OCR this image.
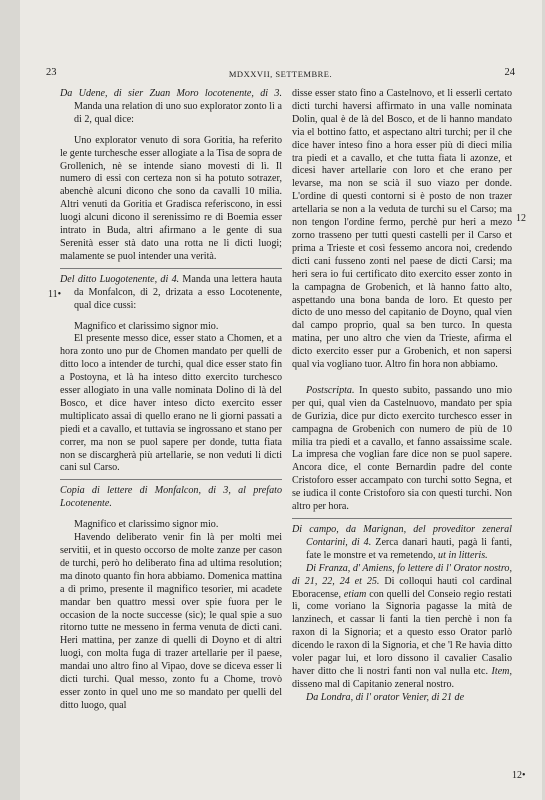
23	MDXXVII, SETTEMBRE.	24
11•
12
12•

Da Udene, di sier Zuan Moro locotenente, di 3. Manda una relation di uno suo explorator zonto lì a di 2, qual dice:

Uno explorator venuto di sora Goritia, ha referito le gente turchesche esser allogiate a la Tisa de sopra de Grollenich, nè se intende siano movesti di lì. Il numero di essi con certeza non si ha potuto sotrazer, abenchè alcuni dicono che sono da cavalli 10 milia. Altri venuti da Goritia et Gradisca referiscono, in essi luogi alcuni dicono il serenissimo re di Boemia esser intrato in Buda, altri afirmano a le gente di sua Serenità esser stà dato una rotta ne li dicti luogi; malamente se puol intender una verità.

Del ditto Luogotenente, di 4. Manda una lettera hauta da Monfalcon, di 2, drizata a esso Locotenente, qual dice cussì:

Magnifico et clarissimo signor mio.

El presente messo dice, esser stato a Chomen, et a hora zonto uno pur de Chomen mandato per quelli de ditto loco a intender de turchi, qual dice esser stato fin a Postoyna, et là ha inteso ditto exercito turchesco esser allogiato in una valle nominata Dolino di là del Bosco, et dice haver inteso dicto exercito esser multiplicato assai di quello erano ne li giorni passati a piedi et a cavallo, et tuttavia se ingrossano et stano per correr, ma non se puol sapere per donde, tutta fiata non se discargherà più artellarie, se non veduti li dicti cani sul Carso.

Copia di lettere di Monfalcon, di 3, al prefato Locotenente.

Magnifico et clarissimo signor mio.

Havendo deliberato venir fin là per molti mei servitii, et in questo occorso de molte zanze per cason de turchi, però ho deliberato fina ad ultima resolution; ma dinoto quanto fin hora abbiamo. Domenica mattina a dì primo, presente il magnifico tesorier, mi acadete mandar ben quattro messi over spie fuora per le occasion de la nocte successe (sic); le qual spie a suo ritorno tutte ne messeno in ferma venuta de dicti cani. Heri mattina, per zanze di quelli di Doyno et di altri luogi, con molta fuga di trazer artellarie per il paese, mandai uno altro fino al Vipao, dove se diceva esser li dicti turchi. Qual messo, zonto fu a Chome, trovò esser zonto in quel uno me so mandato per quelli del ditto luogo, qual

disse esser stato fino a Castelnovo, et li esserli certato dicti turchi haversi affirmato in una valle nominata Dolin, qual è de là del Bosco, et de li hanno mandato via el bottino fatto, et aspectano altri turchi; per il che dice haver inteso fino a hora esser più di dieci milia tra piedi et a cavallo, et che tutta fiata li azonze, et dicesi haver artellarie con loro et che erano per levarse, ma non se scià il suo viazo per donde. L'ordine di questi contorni si è posto de non trazer artellaria se non a la veduta de turchi su el Carso; ma non tengon l'ordine fermo, perchè pur heri a mezo zorno trasseno per tutti questi castelli per il Carso et prima a Trieste et così fessemo ancora noi, credendo dicti cani fusseno zonti nel paese de dicti Carsi; ma heri sera io fui certificato dito exercito esser zonto in la campagna de Grobenich, et là hanno fatto alto, aspettando una bona banda de loro. Et questo per dicto de uno messo del capitanio de Doyno, qual vien dal campo proprio, qual sa ben turco. In questa matina, per uno altro che vien da Trieste, afirma el dicto exercito esser pur a Grobenich, et non sapersi qual via vogliano tuor. Altro fin hora non abbiamo.

Postscripta. In questo subito, passando uno mio per qui, qual vien da Castelnuovo, mandato per spia de Gurizia, dice pur dicto exercito turchesco esser in campagna de Grobenich con numero de più de 10 milia tra piedi et a cavallo, et fanno assaissime scale. La impresa che voglian fare dice non se puol sapere. Ancora dice, el conte Bernardin padre del conte Cristoforo esser accampato con turchi sotto Segna, et se iudica il conte Cristoforo sia con questi turchi. Non altro per hora.

Di campo, da Marignan, del proveditor zeneral Contarini, di 4. Zerca danari hauti, pagà li fanti, fate le monstre et va remetendo, ut in litteris.

Di Franza, d' Amiens, fo lettere di l' Orator nostro, di 21, 22, 24 et 25. Di colloqui hauti col cardinal Eboracense, etiam con quelli del Conseio regio restati lì, come voriano la Signoria pagasse la mità de lanzinech, et cassar li fanti la tien perchè i non fa raxon di la Signoria; et a questo esso Orator parlò dicendo le raxon di la Signoria, et che 'l Re havia ditto voler pagar lui, et loro dissono il cavalier Casalio haver ditto che li nostri fanti non val nulla etc. Item, disseno mal di Capitanio zeneral nostro.

Da Londra, di l' orator Venier, di 21 de
